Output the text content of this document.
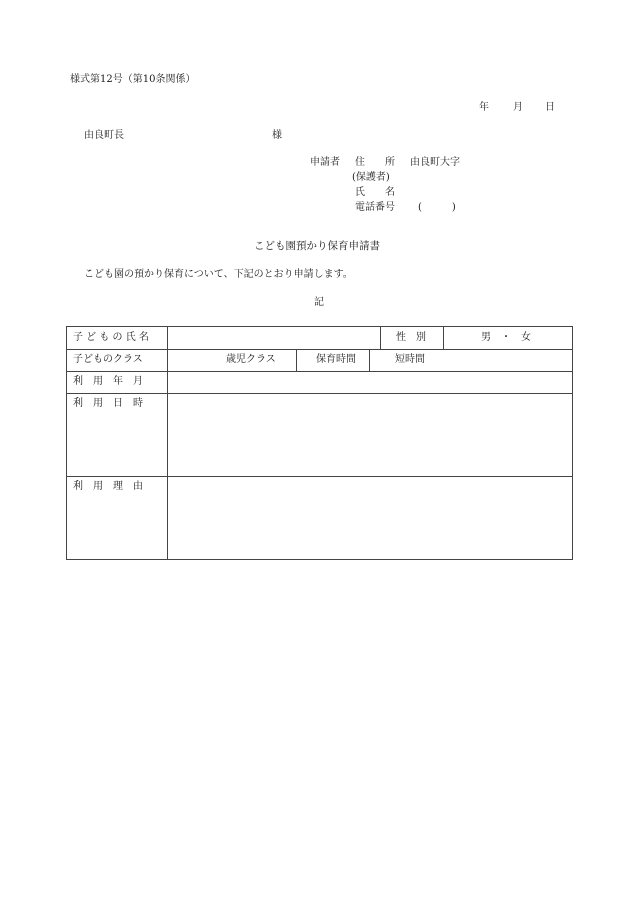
様式第12号（第10条関係）
年 月 日
由良町長	様
申請者 住　　所 由良町大字
(保護者)
氏　　名
電話番号 (　　　)
こども園預かり保育申請書
こども園の預かり保育について、下記のとおり申請します。
記
子 ど も の 氏 名	性　別	男　・　女
子どものクラス	歳児クラス	保育時間	短時間
利　用　年　月
利　用　日　時
利　用　理　由
